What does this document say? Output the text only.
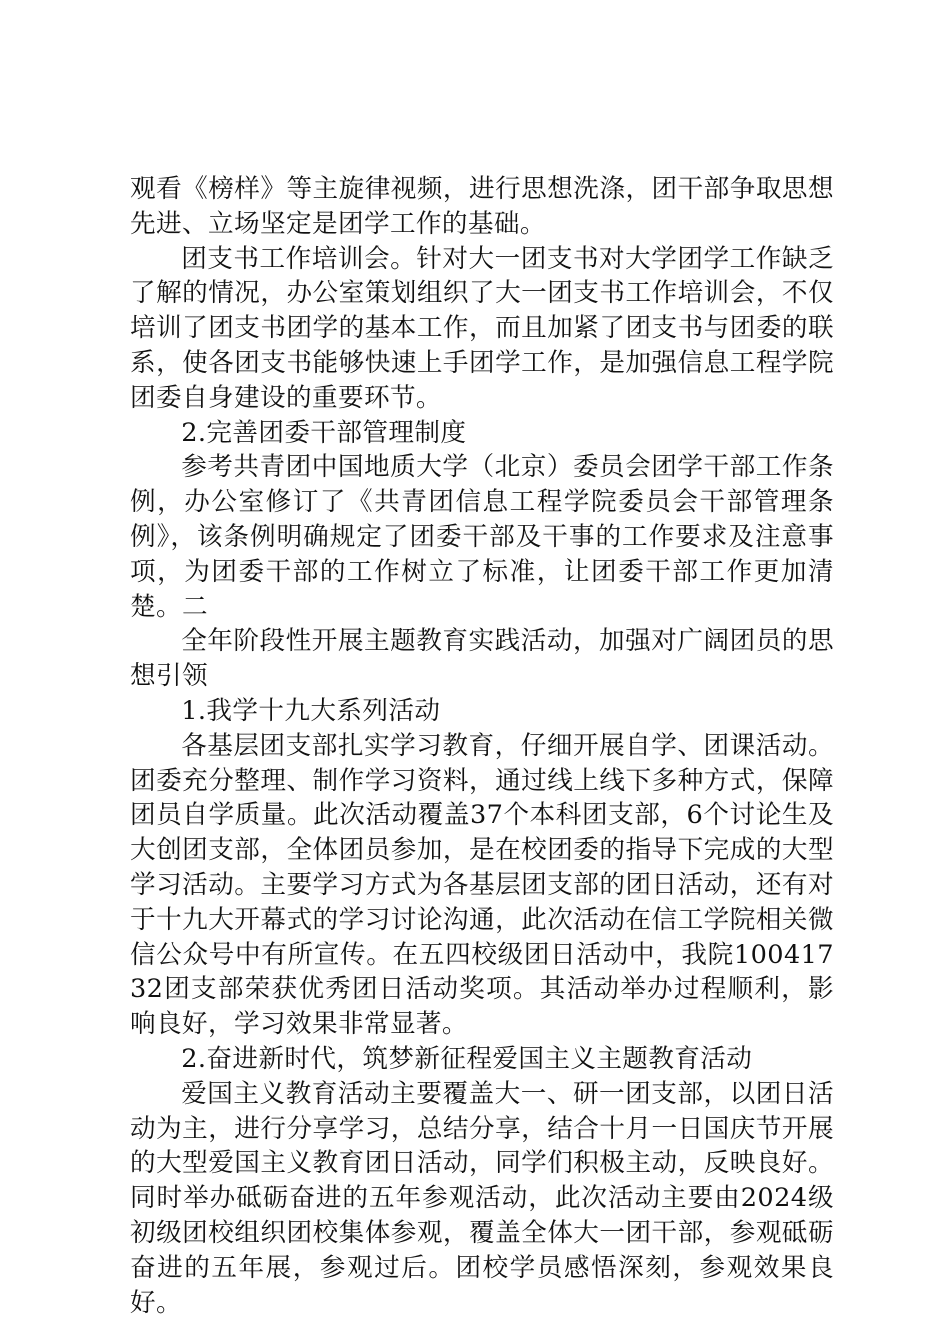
观看《榜样》等主旋律视频，进行思想洗涤，团干部争取思想先进、立场坚定是团学工作的基础。

团支书工作培训会。针对大一团支书对大学团学工作缺乏了解的情况，办公室策划组织了大一团支书工作培训会，不仅培训了团支书团学的基本工作，而且加紧了团支书与团委的联系，使各团支书能够快速上手团学工作，是加强信息工程学院团委自身建设的重要环节。

2.完善团委干部管理制度

参考共青团中国地质大学（北京）委员会团学干部工作条例，办公室修订了《共青团信息工程学院委员会干部管理条例》，该条例明确规定了团委干部及干事的工作要求及注意事项，为团委干部的工作树立了标准，让团委干部工作更加清楚。二

全年阶段性开展主题教育实践活动，加强对广阔团员的思想引领

1.我学十九大系列活动

各基层团支部扎实学习教育，仔细开展自学、团课活动。团委充分整理、制作学习资料，通过线上线下多种方式，保障团员自学质量。此次活动覆盖37个本科团支部，6个讨论生及大创团支部，全体团员参加，是在校团委的指导下完成的大型学习活动。主要学习方式为各基层团支部的团日活动，还有对于十九大开幕式的学习讨论沟通，此次活动在信工学院相关微信公众号中有所宣传。在五四校级团日活动中，我院10041732团支部荣获优秀团日活动奖项。其活动举办过程顺利，影响良好，学习效果非常显著。

2.奋进新时代，筑梦新征程爱国主义主题教育活动

爱国主义教育活动主要覆盖大一、研一团支部，以团日活动为主，进行分享学习，总结分享，结合十月一日国庆节开展的大型爱国主义教育团日活动，同学们积极主动，反映良好。同时举办砥砺奋进的五年参观活动，此次活动主要由2024级初级团校组织团校集体参观，覆盖全体大一团干部，参观砥砺奋进的五年展，参观过后。团校学员感悟深刻，参观效果良好。
